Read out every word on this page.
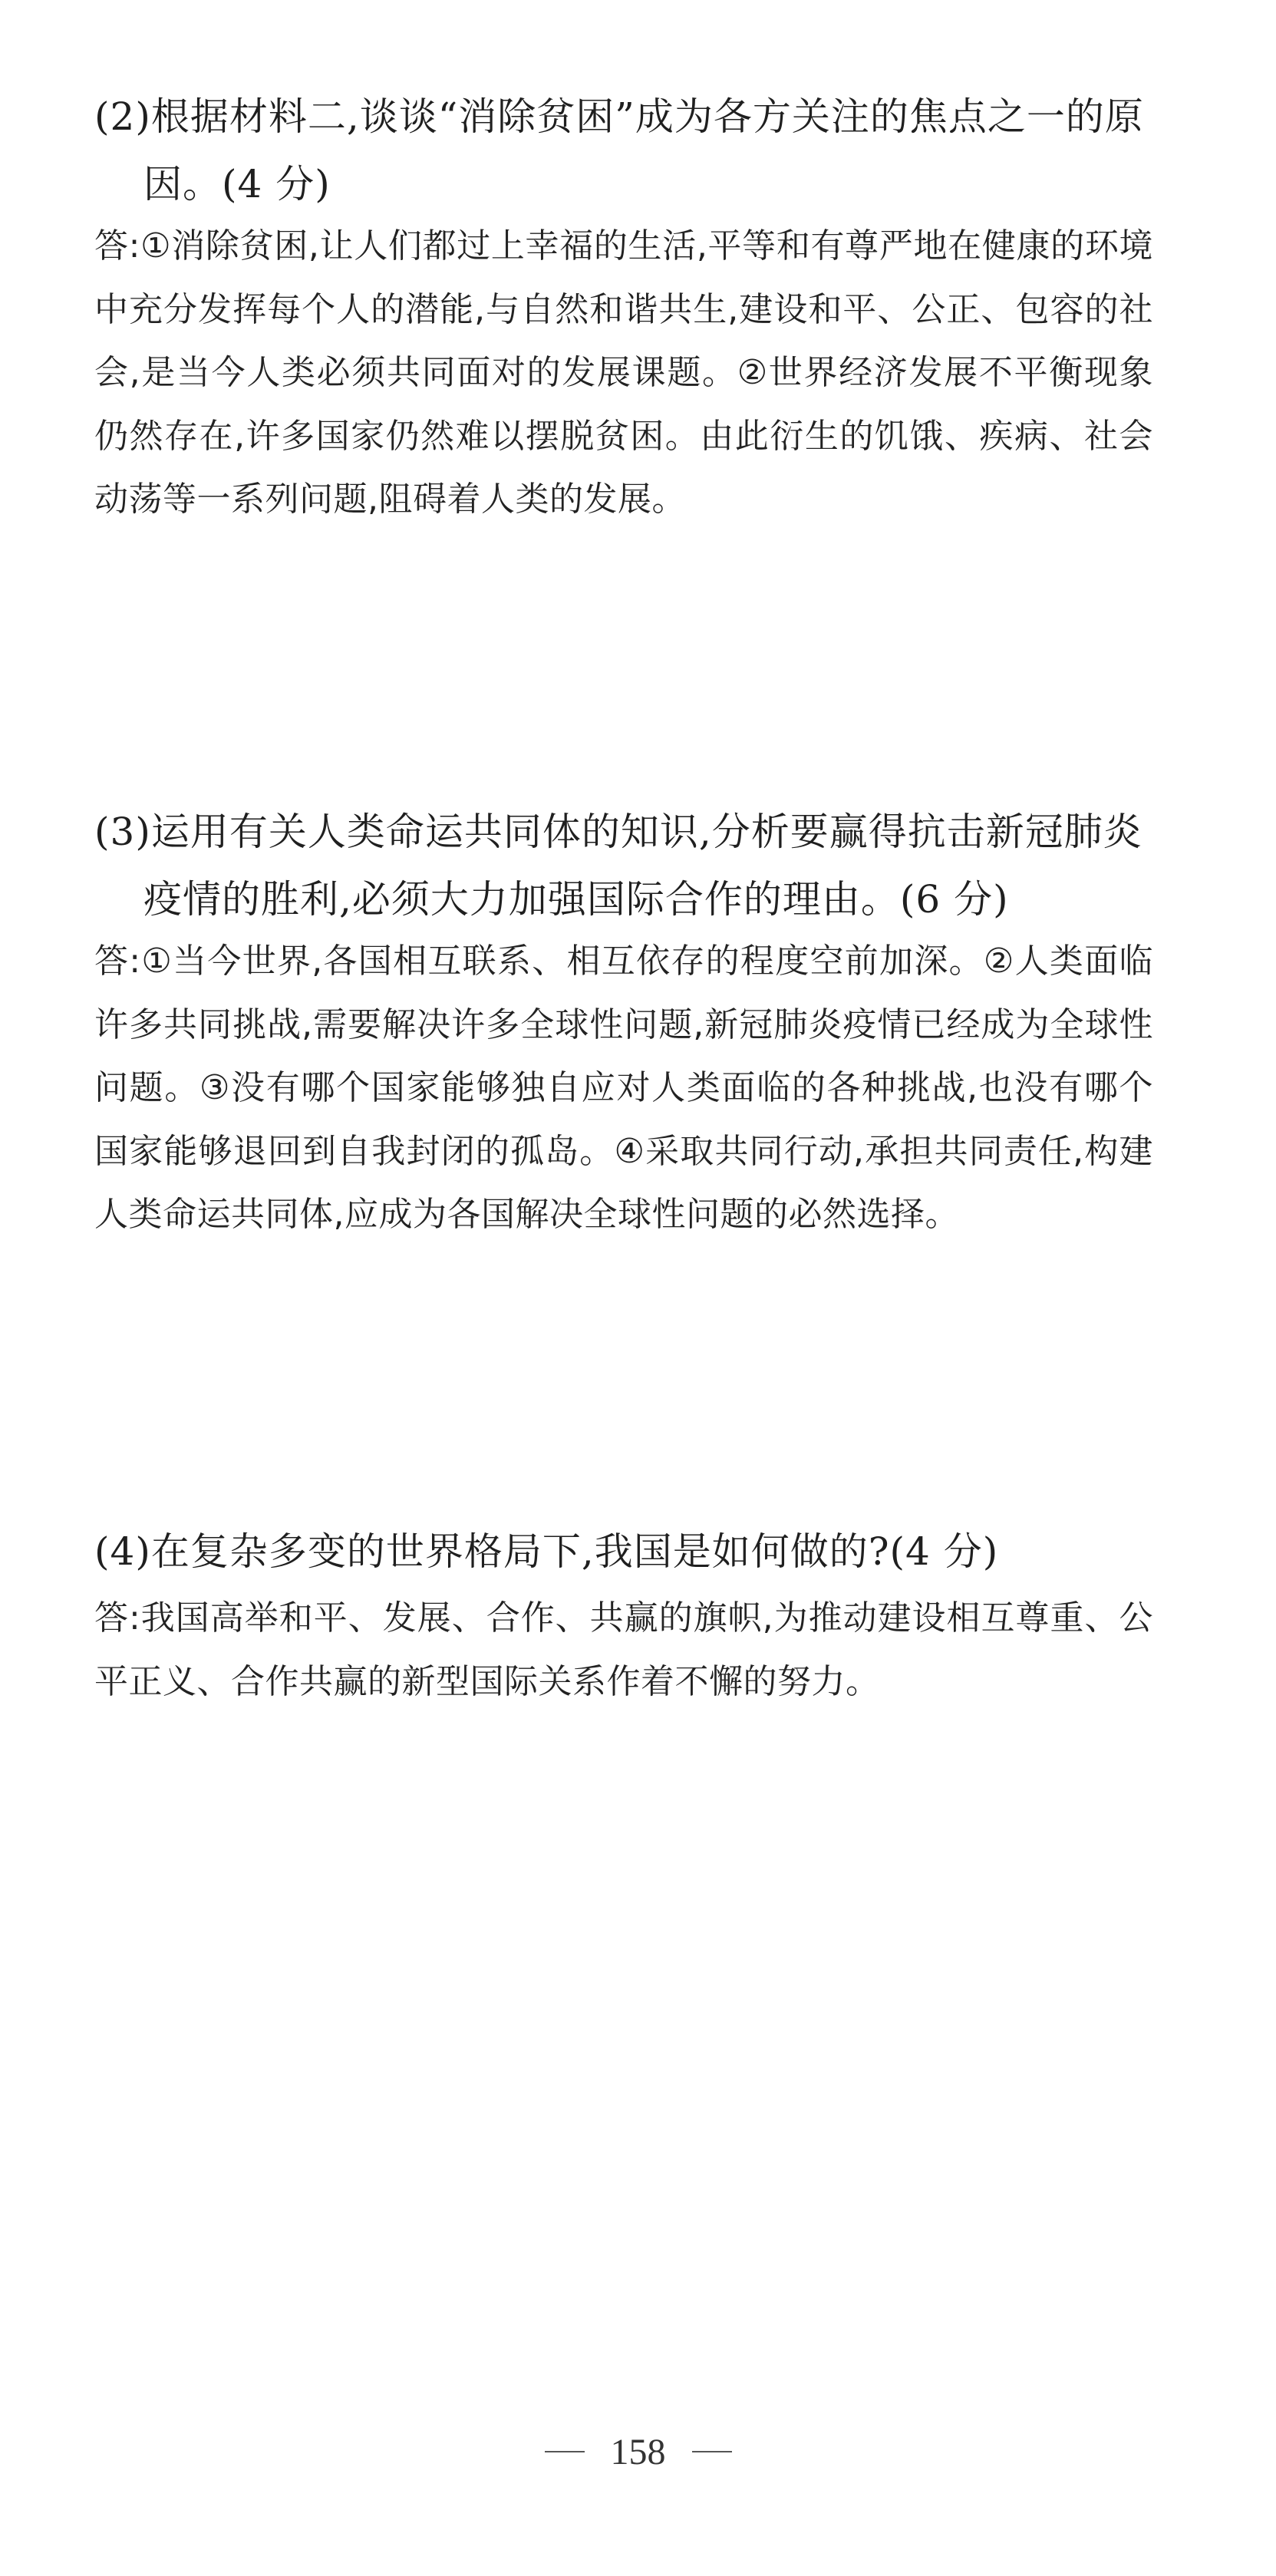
(2)根据材料二,谈谈“消除贫困”成为各方关注的焦点之一的原
因。(4 分)

答:①消除贫困,让人们都过上幸福的生活,平等和有尊严地在健康的环境中充分发挥每个人的潜能,与自然和谐共生,建设和平、公正、包容的社会,是当今人类必须共同面对的发展课题。②世界经济发展不平衡现象仍然存在,许多国家仍然难以摆脱贫困。由此衍生的饥饿、疾病、社会动荡等一系列问题,阻碍着人类的发展。

(3)运用有关人类命运共同体的知识,分析要赢得抗击新冠肺炎
疫情的胜利,必须大力加强国际合作的理由。(6 分)

答:①当今世界,各国相互联系、相互依存的程度空前加深。②人类面临许多共同挑战,需要解决许多全球性问题,新冠肺炎疫情已经成为全球性问题。③没有哪个国家能够独自应对人类面临的各种挑战,也没有哪个国家能够退回到自我封闭的孤岛。④采取共同行动,承担共同责任,构建人类命运共同体,应成为各国解决全球性问题的必然选择。

(4)在复杂多变的世界格局下,我国是如何做的?(4 分)

答:我国高举和平、发展、合作、共赢的旗帜,为推动建设相互尊重、公平正义、合作共赢的新型国际关系作着不懈的努力。

158
